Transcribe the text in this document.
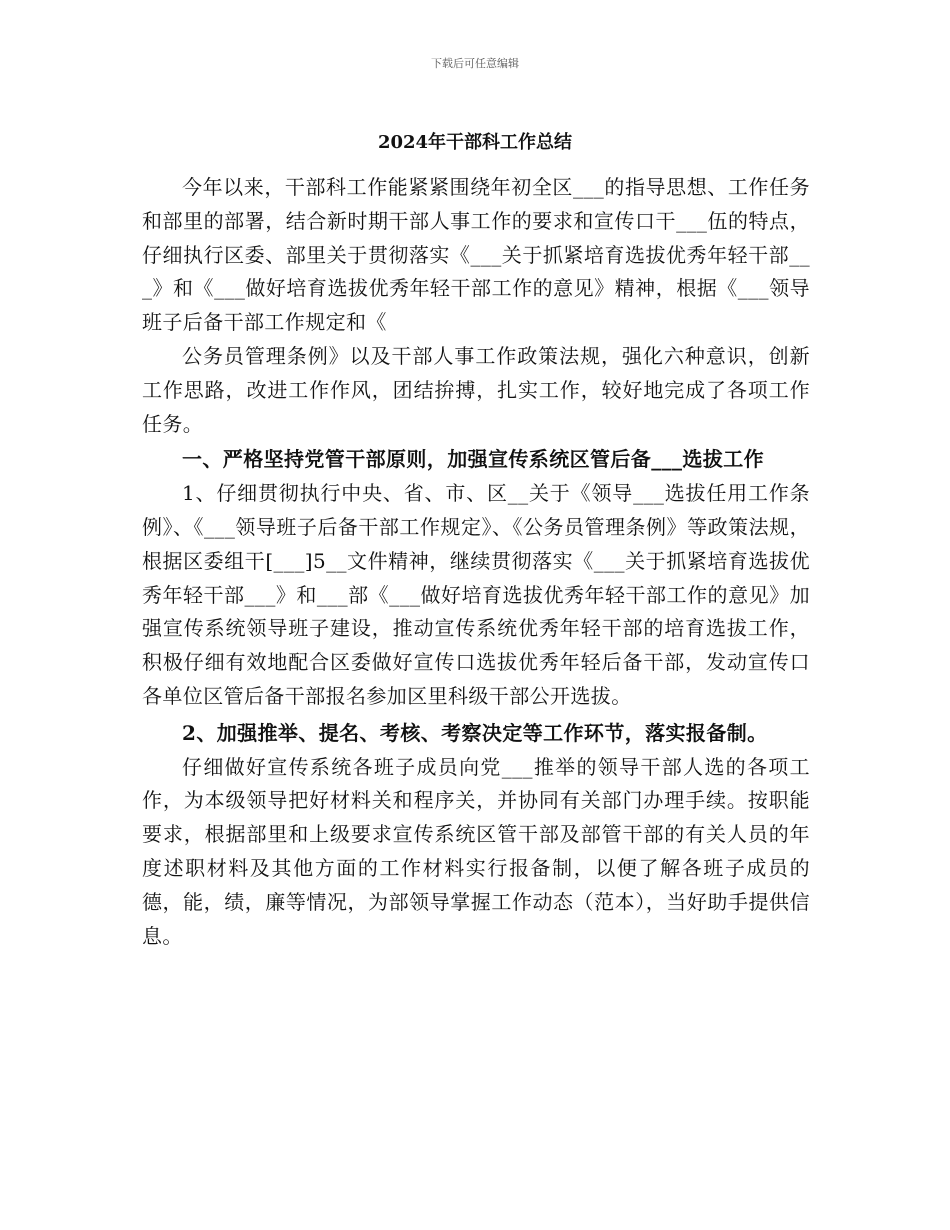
下载后可任意编辑
2024年干部科工作总结

今年以来，干部科工作能紧紧围绕年初全区___的指导思想、工作任务和部里的部署，结合新时期干部人事工作的要求和宣传口干___伍的特点，仔细执行区委、部里关于贯彻落实《___关于抓紧培育选拔优秀年轻干部___》和《___做好培育选拔优秀年轻干部工作的意见》精神，根据《___领导班子后备干部工作规定和《

公务员管理条例》以及干部人事工作政策法规，强化六种意识，创新工作思路，改进工作作风，团结拚搏，扎实工作，较好地完成了各项工作任务。

一、严格坚持党管干部原则，加强宣传系统区管后备___选拔工作

1、仔细贯彻执行中央、省、市、区__关于《领导___选拔任用工作条例》、《___领导班子后备干部工作规定》、《公务员管理条例》等政策法规，根据区委组干[___]5__文件精神，继续贯彻落实《___关于抓紧培育选拔优秀年轻干部___》和___部《___做好培育选拔优秀年轻干部工作的意见》加强宣传系统领导班子建设，推动宣传系统优秀年轻干部的培育选拔工作，积极仔细有效地配合区委做好宣传口选拔优秀年轻后备干部，发动宣传口各单位区管后备干部报名参加区里科级干部公开选拔。

2、加强推举、提名、考核、考察决定等工作环节，落实报备制。

仔细做好宣传系统各班子成员向党___推举的领导干部人选的各项工作，为本级领导把好材料关和程序关，并协同有关部门办理手续。按职能要求，根据部里和上级要求宣传系统区管干部及部管干部的有关人员的年度述职材料及其他方面的工作材料实行报备制，以便了解各班子成员的德，能，绩，廉等情况，为部领导掌握工作动态（范本），当好助手提供信息。
